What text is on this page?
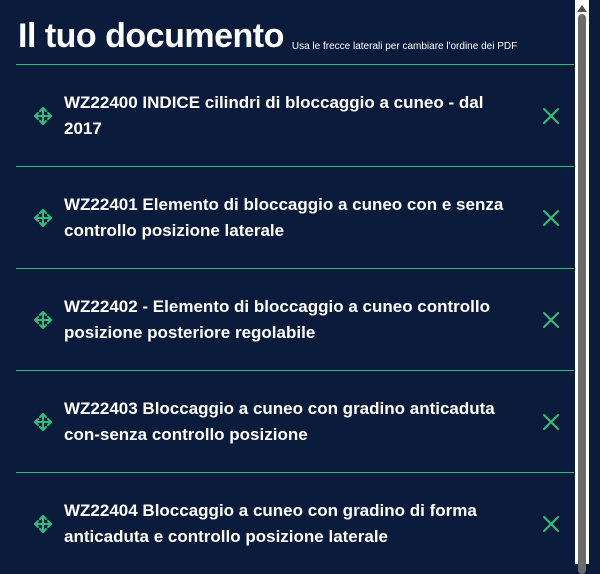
Il tuo documento Usa le frecce laterali per cambiare l'ordine dei PDF
WZ22400 INDICE cilindri di bloccaggio a cuneo - dal 2017
WZ22401 Elemento di bloccaggio a cuneo con e senza controllo posizione laterale
WZ22402 - Elemento di bloccaggio a cuneo controllo posizione posteriore regolabile
WZ22403 Bloccaggio a cuneo con gradino anticaduta con-senza controllo posizione
WZ22404 Bloccaggio a cuneo con gradino di forma anticaduta e controllo posizione laterale
